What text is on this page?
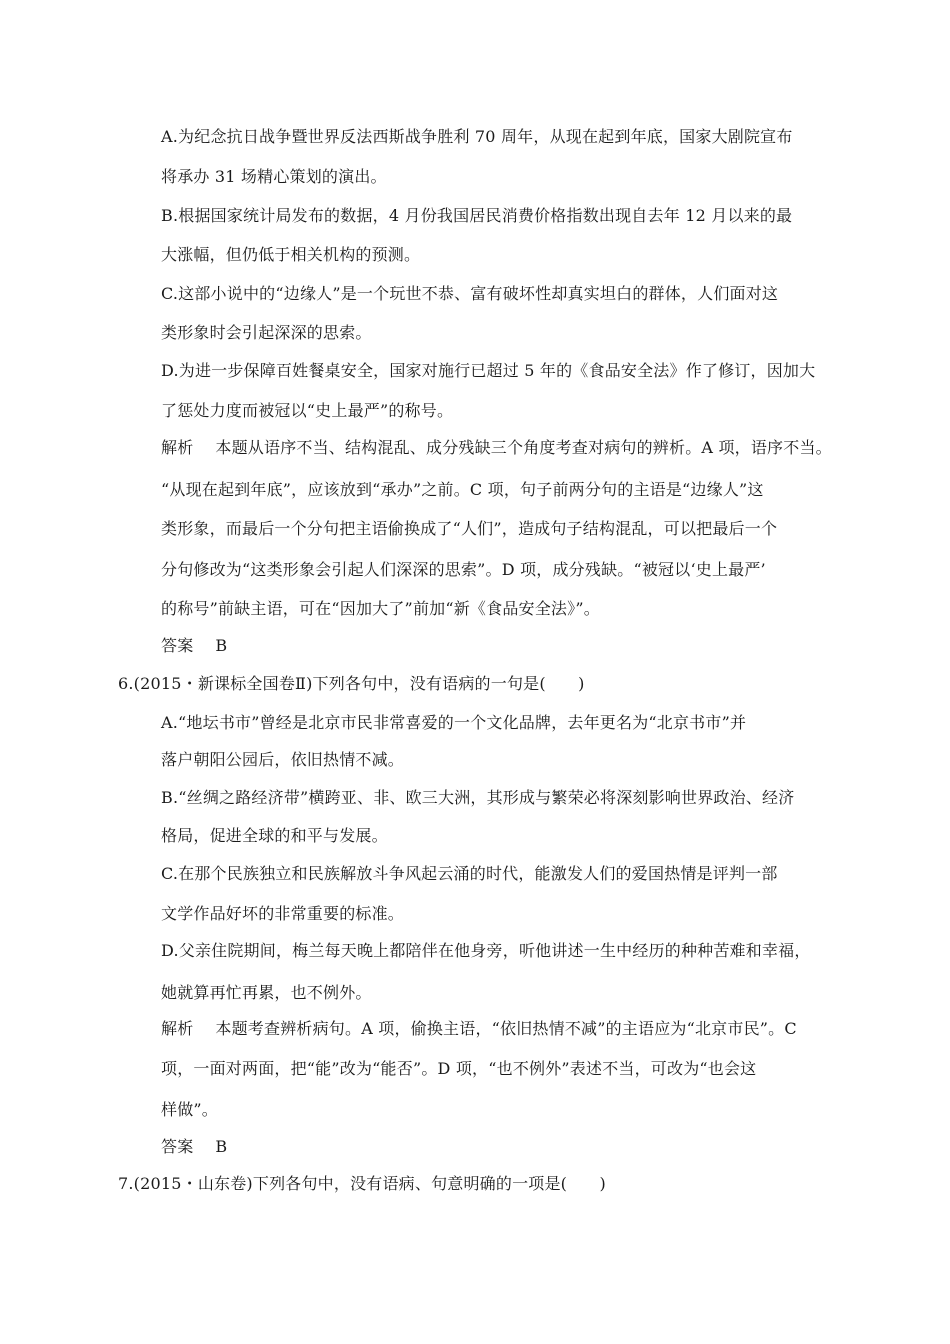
A.为纪念抗日战争暨世界反法西斯战争胜利 70 周年，从现在起到年底，国家大剧院宣布
将承办 31 场精心策划的演出。
B.根据国家统计局发布的数据，4 月份我国居民消费价格指数出现自去年 12 月以来的最
大涨幅，但仍低于相关机构的预测。
C.这部小说中的“边缘人”是一个玩世不恭、富有破坏性却真实坦白的群体，人们面对这
类形象时会引起深深的思索。
D.为进一步保障百姓餐桌安全，国家对施行已超过 5 年的《食品安全法》作了修订，因加大
了惩处力度而被冠以“史上最严”的称号。
解析 本题从语序不当、结构混乱、成分残缺三个角度考查对病句的辨析。A 项，语序不当。
“从现在起到年底”，应该放到“承办”之前。C 项，句子前两分句的主语是“边缘人”这
类形象，而最后一个分句把主语偷换成了“人们”，造成句子结构混乱，可以把最后一个
分句修改为“这类形象会引起人们深深的思索”。D 项，成分残缺。“被冠以‘史上最严’
的称号”前缺主语，可在“因加大了”前加“新《食品安全法》”。
答案 B
6.(2015・新课标全国卷Ⅱ)下列各句中，没有语病的一句是(　　)
A.“地坛书市”曾经是北京市民非常喜爱的一个文化品牌，去年更名为“北京书市”并
落户朝阳公园后，依旧热情不减。
B.“丝绸之路经济带”横跨亚、非、欧三大洲，其形成与繁荣必将深刻影响世界政治、经济
格局，促进全球的和平与发展。
C.在那个民族独立和民族解放斗争风起云涌的时代，能激发人们的爱国热情是评判一部
文学作品好坏的非常重要的标准。
D.父亲住院期间，梅兰每天晚上都陪伴在他身旁，听他讲述一生中经历的种种苦难和幸福，
她就算再忙再累，也不例外。
解析 本题考查辨析病句。A 项，偷换主语，“依旧热情不减”的主语应为“北京市民”。C
项，一面对两面，把“能”改为“能否”。D 项，“也不例外”表述不当，可改为“也会这
样做”。
答案 B
7.(2015・山东卷)下列各句中，没有语病、句意明确的一项是(　　)
